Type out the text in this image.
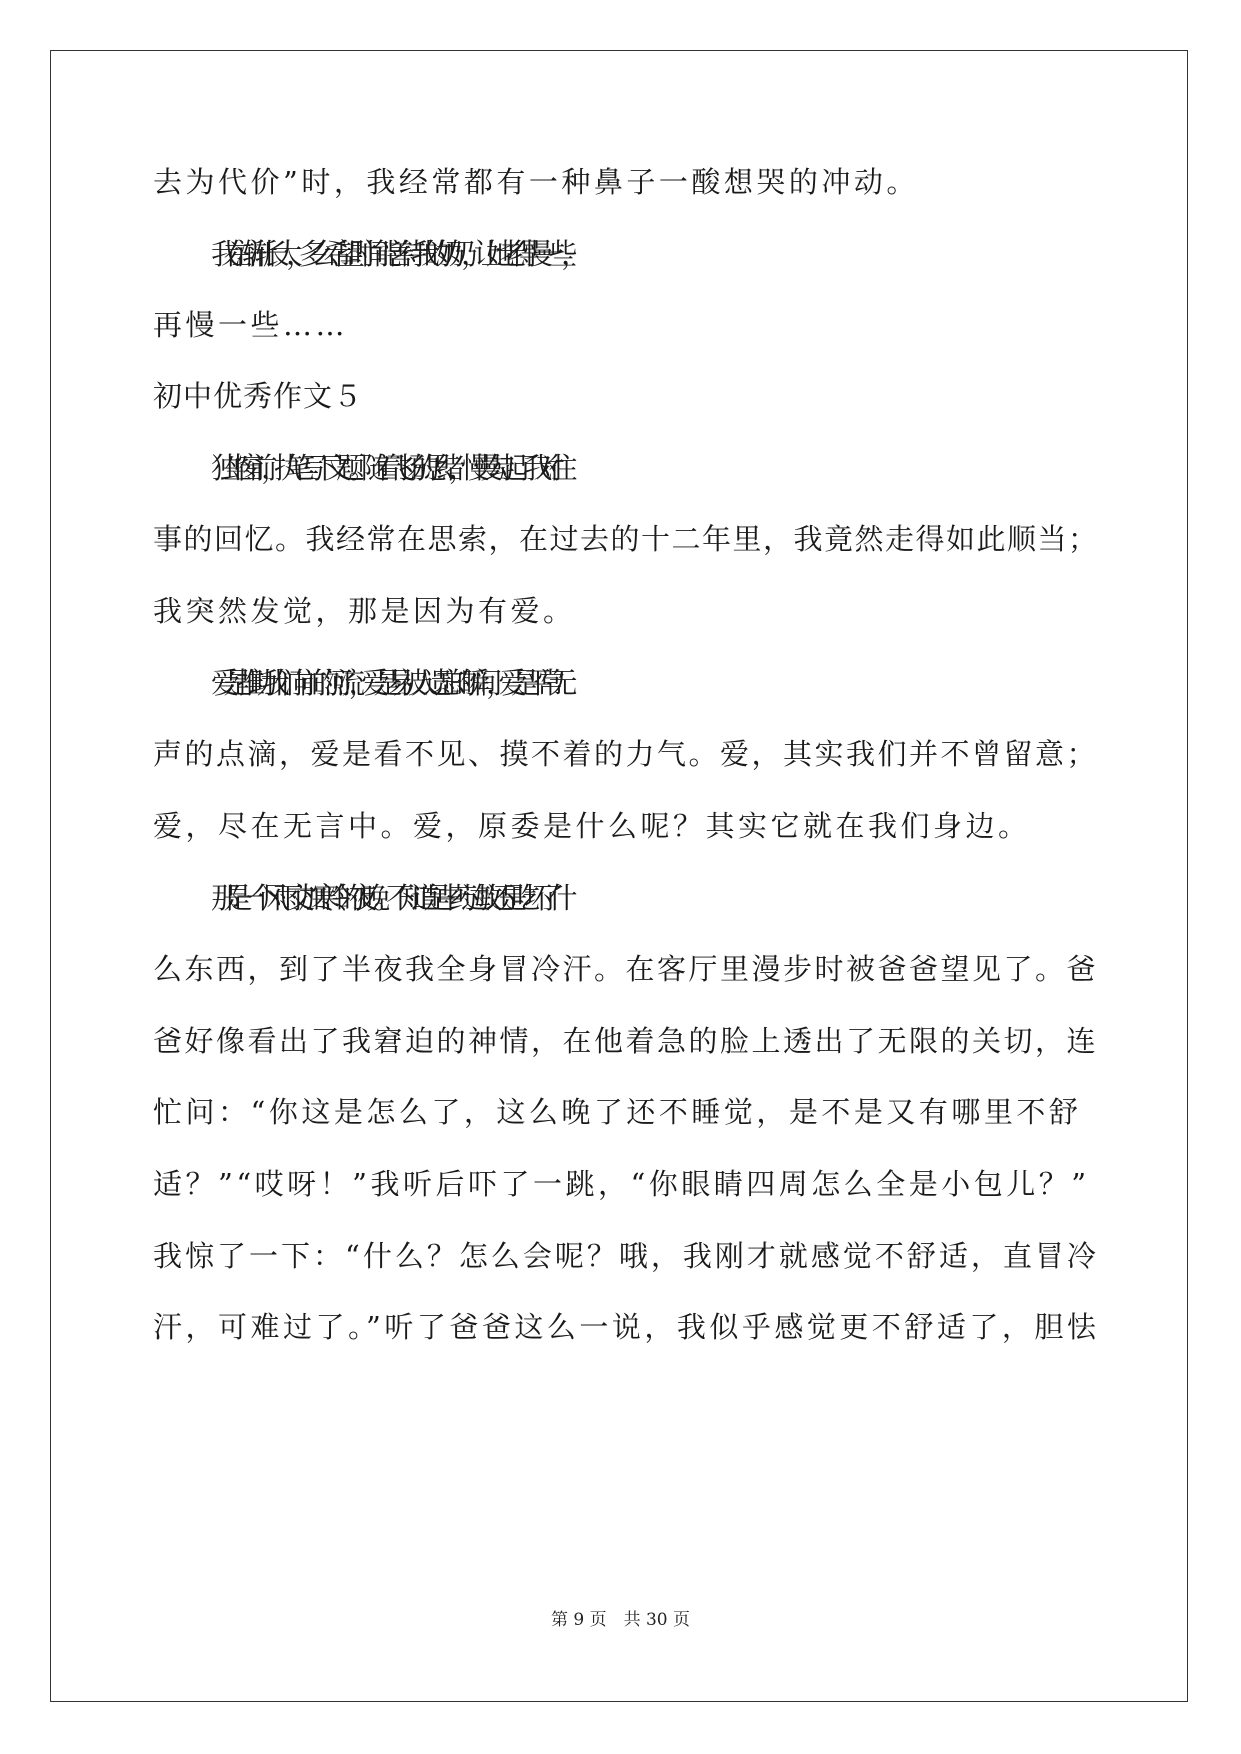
去为代价”时，我经常都有一种鼻子一酸想哭的冲动。
我在渐渐长大，多么希望时间能善待我的奶奶，让她老得慢一些，
再慢一些……
初中优秀作文５
独坐窗前，执笔写下文题。随着飞扬的思绪，慢慢勾起了我对往
事的回忆。我经常在思索，在过去的十二年里，我竟然走得如此顺当；
我突然发觉，那是因为有爱。
爱是推助我们向前的河流，爱是易被人遗忘的瞬间，爱是平常无
声的点滴，爱是看不见、摸不着的力气。爱，其实我们并不曾留意；
爱，尽在无言中。爱，原委是什么呢？其实它就在我们身边。
那是一个风雨交加寒冷的夜晚。不知道是中药过敏还是吃坏了什
么东西，到了半夜我全身冒冷汗。在客厅里漫步时被爸爸望见了。爸
爸好像看出了我窘迫的神情，在他着急的脸上透出了无限的关切，连
忙问：“你这是怎么了，这么晚了还不睡觉，是不是又有哪里不舒
适？”“哎呀！”我听后吓了一跳，“你眼睛四周怎么全是小包儿？”
我惊了一下：“什么？怎么会呢？哦，我刚才就感觉不舒适，直冒冷
汗，可难过了。”听了爸爸这么一说，我似乎感觉更不舒适了，胆怯
第 9 页　共 30 页
